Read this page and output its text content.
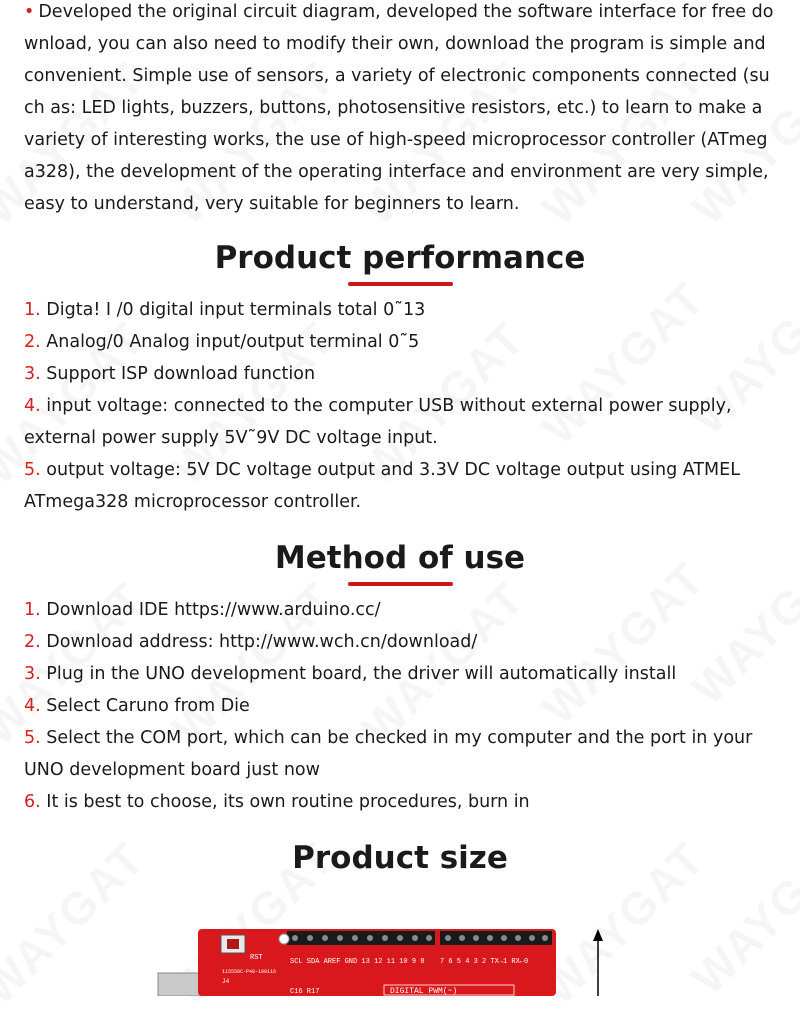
• Developed the original circuit diagram, developed the software interface for free download, you can also need to modify their own, download the program is simple and convenient. Simple use of sensors, a variety of electronic components connected (such as: LED lights, buzzers, buttons, photosensitive resistors, etc.) to learn to make a variety of interesting works, the use of high-speed microprocessor controller (ATmega328), the development of the operating interface and environment are very simple, easy to understand, very suitable for beginners to learn.

Product performance
1. Digta! I /0 digital input terminals total 0˜13
2. Analog/0 Analog input/output terminal 0˜5
3. Support ISP download function
4. input voltage: connected to the computer USB without external power supply, external power supply 5V˜9V DC voltage input.
5. output voltage: 5V DC voltage output and 3.3V DC voltage output using ATMEL ATmega328 microprocessor controller.
Method of use
1. Download IDE https://www.arduino.cc/
2. Download address: http://www.wch.cn/download/
3. Plug in the UNO development board, the driver will automatically install
4. Select Caruno from Die
5. Select the COM port, which can be checked in my computer and the port in your UNO development board just now
6. It is best to choose, its own routine procedures, burn in
Product size
RST	SCL SDA AREF GND 13 12 11 10 9 8 7 6 5 4 3 2 TX→1 RX←0
115550C-P48-100116
J4
C16 R17	DIGITAL PWM(~)
